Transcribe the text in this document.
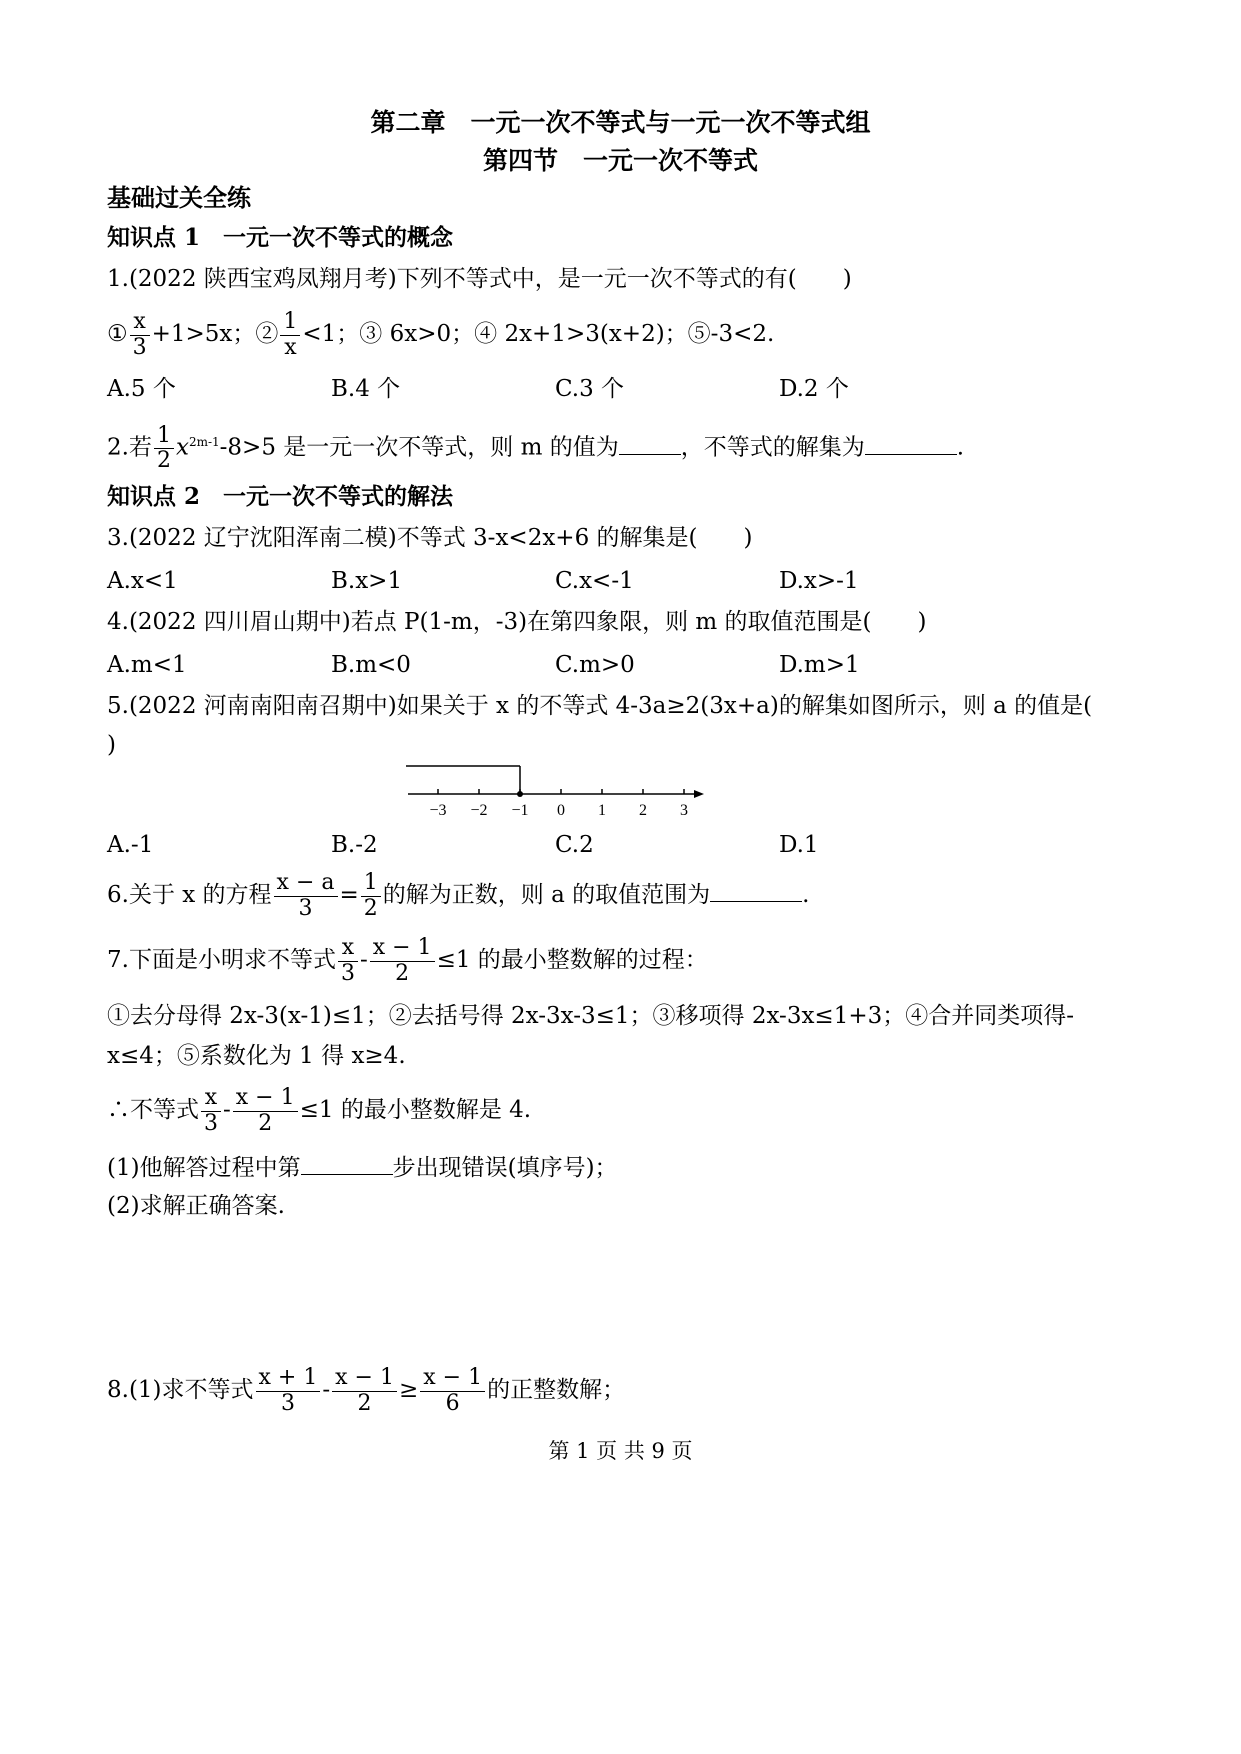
第二章　一元一次不等式与一元一次不等式组
第四节　一元一次不等式
基础过关全练
知识点 1　一元一次不等式的概念
1.(2022 陕西宝鸡凤翔月考)下列不等式中，是一元一次不等式的有(　　)
① $\frac{x}{3} +1>5x$；② $\frac{1}{x} <1$；③ 6x>0；④ 2x+1>3(x+2)；⑤-3<2.
A.5 个	B.4 个	C.3 个	D.2 个
2.若 $\frac{1}{2} x^{2m-1}-8>5$ 是一元一次不等式，则 m 的值为	，不等式的解集为	.
知识点 2　一元一次不等式的解法
3.(2022 辽宁沈阳浑南二模)不等式 3-x<2x+6 的解集是(　　)
A.x<1	B.x>1	C.x<-1	D.x>-1
4.(2022 四川眉山期中)若点 P(1-m，-3)在第四象限，则 m 的取值范围是(　　)
A.m<1	B.m<0	C.m>0	D.m>1
5.(2022 河南南阳南召期中)如果关于 x 的不等式 4-3a≥2(3x+a)的解集如图所示，则 a 的值是(
)
−3 −2 −1 0 1 2 3
A.-1	B.-2	C.2	D.1
6.关于 x 的方程 $\frac{x - a}{3} = \frac{1}{2}$ 的解为正数，则 a 的取值范围为	.
7.下面是小明求不等式 $\frac{x}{3} - \frac{x - 1}{2} \le 1$ 的最小整数解的过程：
①去分母得 2x-3(x-1)≤1；②去括号得 2x-3x-3≤1；③移项得 2x-3x≤1+3；④合并同类项得-
x≤4；⑤系数化为 1 得 x≥4.
∴不等式 $\frac{x}{3} - \frac{x - 1}{2} \le 1$ 的最小整数解是 4.
(1)他解答过程中第	步出现错误(填序号)；
(2)求解正确答案.
8.(1)求不等式 $\frac{x + 1}{3} - \frac{x - 1}{2} \ge \frac{x - 1}{6}$ 的正整数解；
第 1 页 共 9 页
